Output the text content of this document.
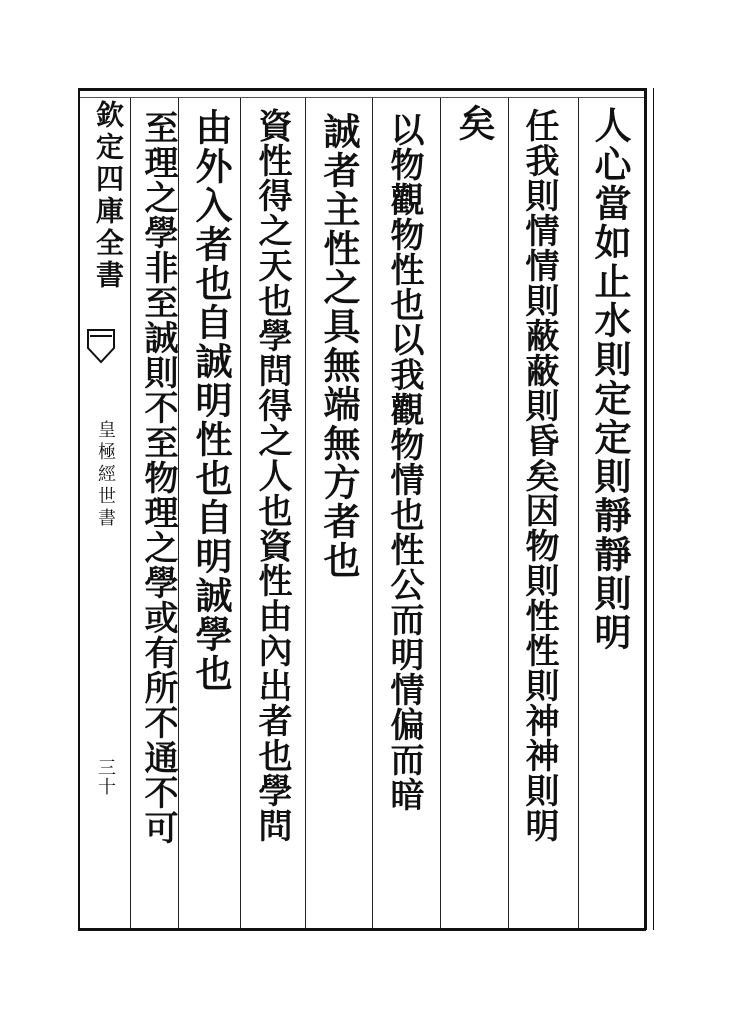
欽定四庫全書
皇極經世書
三十
人心當如止水則定定則靜靜則明
任我則情情則蔽蔽則昏矣因物則性性則神神則明
矣
以物觀物性也以我觀物情也性公而明情偏而暗
誠者主性之具無端無方者也
資性得之天也學問得之人也資性由內出者也學問
由外入者也自誠明性也自明誠學也
至理之學非至誠則不至物理之學或有所不通不可
